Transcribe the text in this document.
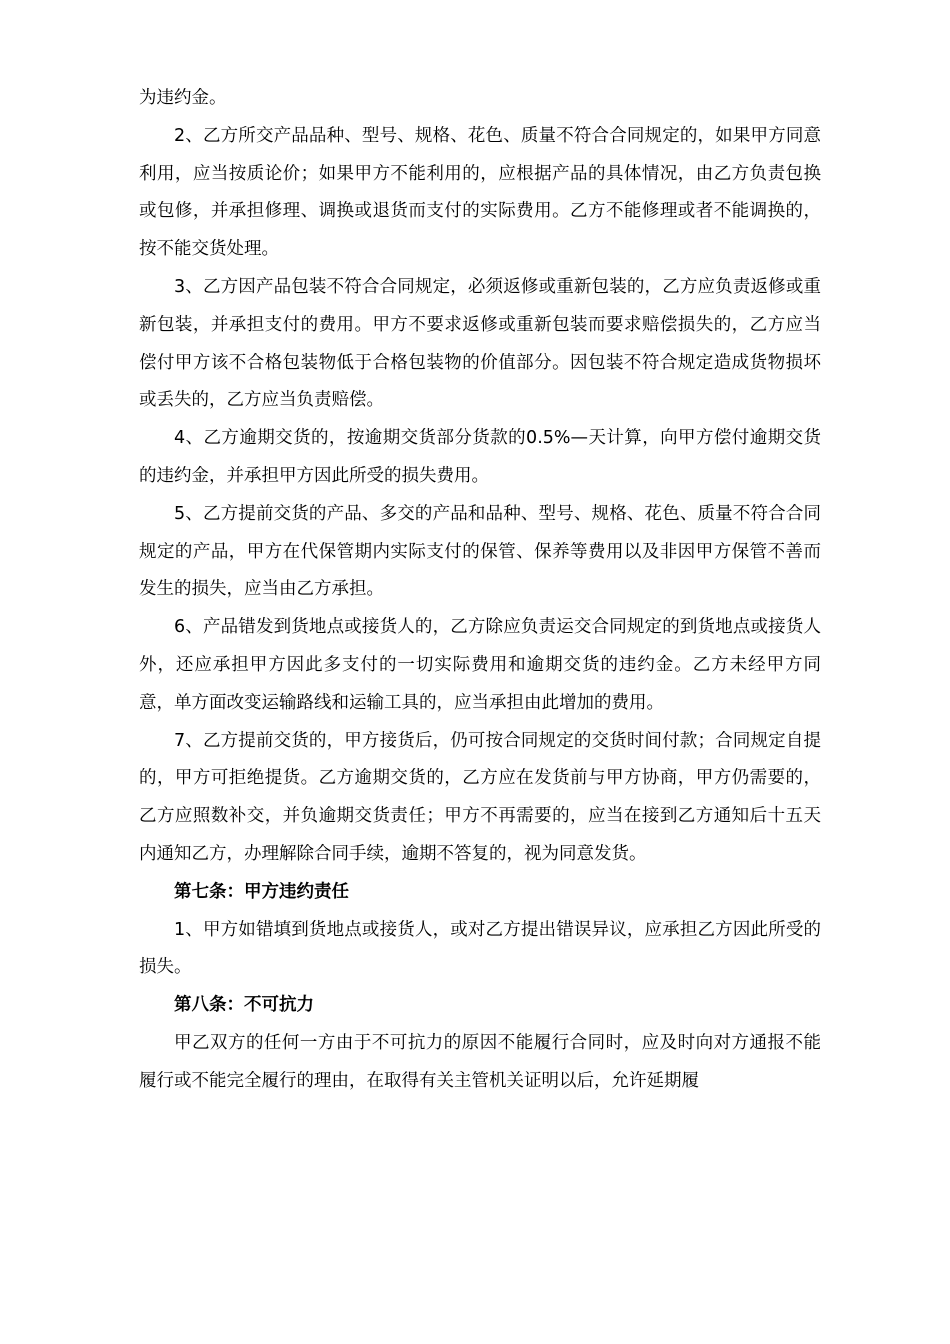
为违约金。

2、乙方所交产品品种、型号、规格、花色、质量不符合合同规定的，如果甲方同意利用，应当按质论价；如果甲方不能利用的，应根据产品的具体情况，由乙方负责包换或包修，并承担修理、调换或退货而支付的实际费用。乙方不能修理或者不能调换的，按不能交货处理。

3、乙方因产品包装不符合合同规定，必须返修或重新包装的，乙方应负责返修或重新包装，并承担支付的费用。甲方不要求返修或重新包装而要求赔偿损失的，乙方应当偿付甲方该不合格包装物低于合格包装物的价值部分。因包装不符合规定造成货物损坏或丢失的，乙方应当负责赔偿。

4、乙方逾期交货的，按逾期交货部分货款的0.5%—天计算，向甲方偿付逾期交货的违约金，并承担甲方因此所受的损失费用。

5、乙方提前交货的产品、多交的产品和品种、型号、规格、花色、质量不符合合同规定的产品，甲方在代保管期内实际支付的保管、保养等费用以及非因甲方保管不善而发生的损失，应当由乙方承担。

6、产品错发到货地点或接货人的，乙方除应负责运交合同规定的到货地点或接货人外，还应承担甲方因此多支付的一切实际费用和逾期交货的违约金。乙方未经甲方同意，单方面改变运输路线和运输工具的，应当承担由此增加的费用。

7、乙方提前交货的，甲方接货后，仍可按合同规定的交货时间付款；合同规定自提的，甲方可拒绝提货。乙方逾期交货的，乙方应在发货前与甲方协商，甲方仍需要的，乙方应照数补交，并负逾期交货责任；甲方不再需要的，应当在接到乙方通知后十五天内通知乙方，办理解除合同手续，逾期不答复的，视为同意发货。

第七条：甲方违约责任

1、甲方如错填到货地点或接货人，或对乙方提出错误异议，应承担乙方因此所受的损失。

第八条：不可抗力

甲乙双方的任何一方由于不可抗力的原因不能履行合同时，应及时向对方通报不能履行或不能完全履行的理由，在取得有关主管机关证明以后，允许延期履
